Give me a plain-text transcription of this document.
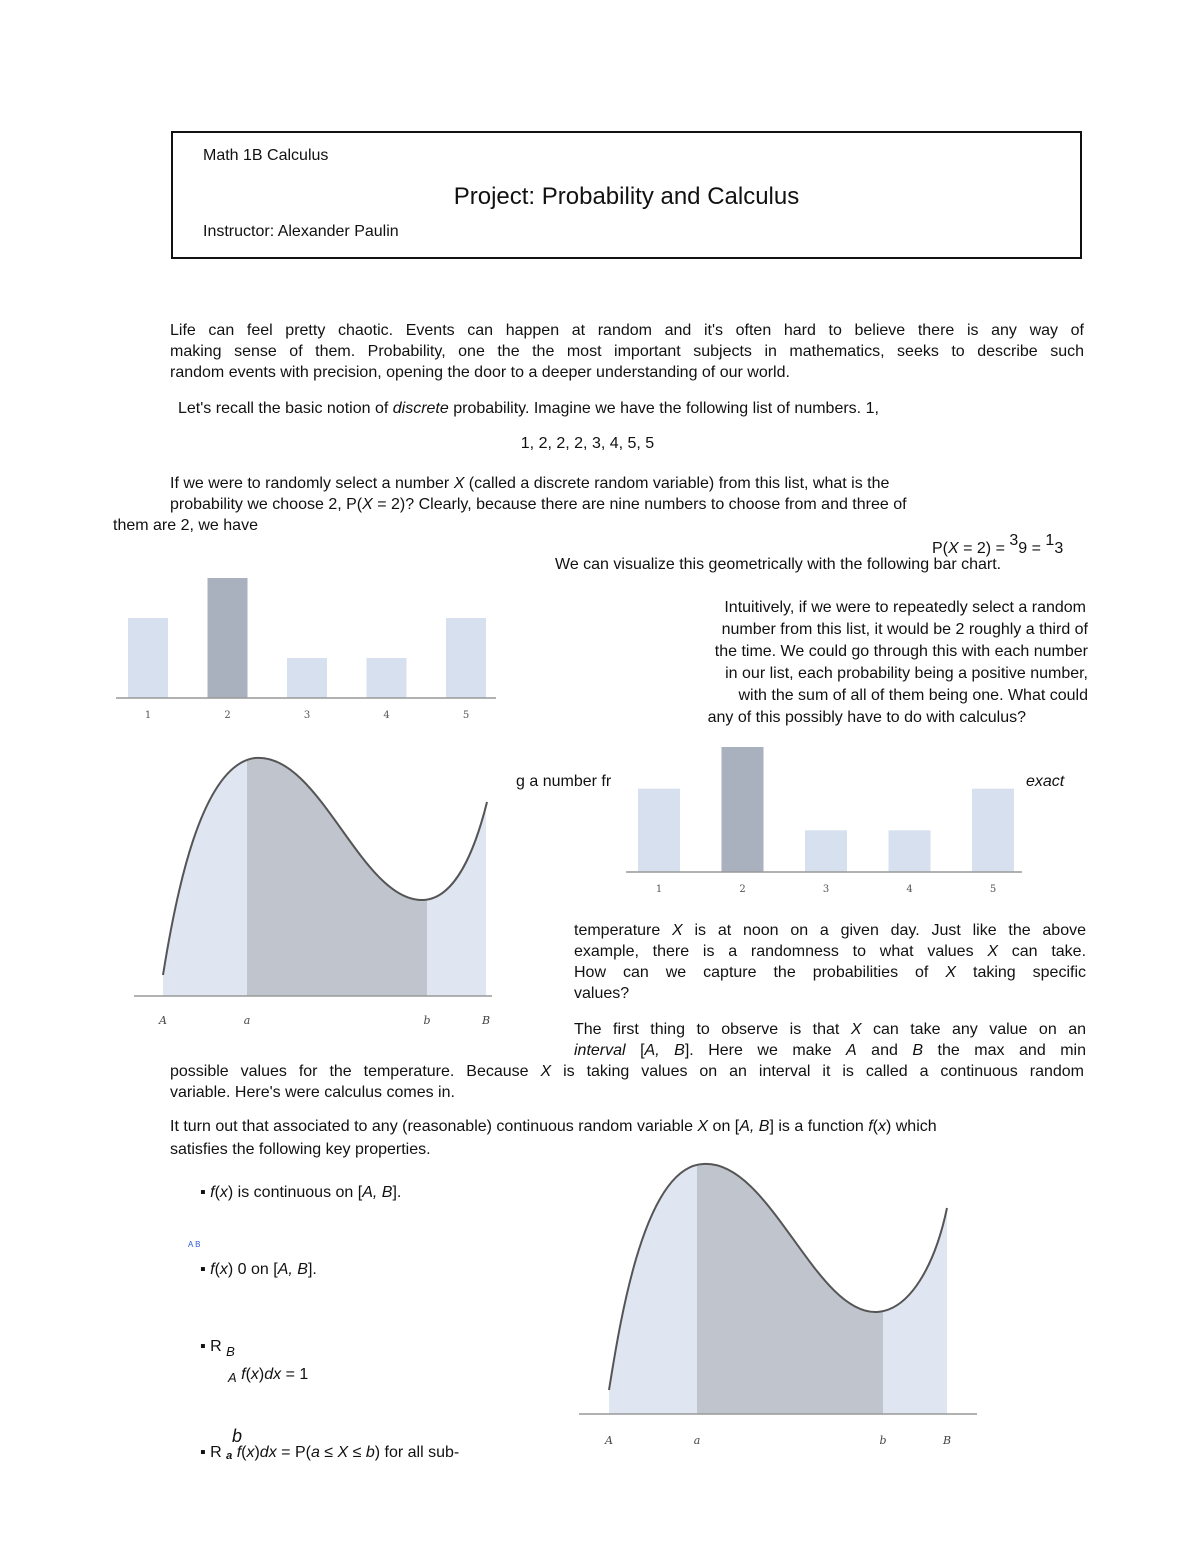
Math 1B Calculus
Project: Probability and Calculus
Instructor: Alexander Paulin
Life can feel pretty chaotic. Events can happen at random and it's often hard to believe there is any way of
making sense of them. Probability, one the the most important subjects in mathematics, seeks to describe such
random events with precision, opening the door to a deeper understanding of our world.
Let's recall the basic notion of discrete probability. Imagine we have the following list of numbers. 1,
1, 2, 2, 2, 3, 4, 5, 5
If we were to randomly select a number X (called a discrete random variable) from this list, what is the
probability we choose 2, P(X = 2)? Clearly, because there are nine numbers to choose from and three of
them are 2, we have
P(X = 2) = $^3$9 = $^1$3
We can visualize this geometrically with the following bar chart.
Intuitively, if we were to repeatedly select a random
number from this list, it would be 2 roughly a third of
the time. We could go through this with each number
in our list, each probability being a positive number,
with the sum of all of them being one. What could
any of this possibly have to do with calculus?
g a number fr	exact
1	2	3	4	5
1	2	3	4	5
A	a	b	B
A	a	b	B
temperature X is at noon on a given day. Just like the above
example, there is a randomness to what values X can take.
How can we capture the probabilities of X taking specific
values?
The first thing to observe is that X can take any value on an
interval [A, B]. Here we make A and B the max and min
possible values for the temperature. Because X is taking values on an interval it is called a continuous random
variable. Here's were calculus comes in.
It turn out that associated to any (reasonable) continuous random variable X on [A, B] is a function f(x) which
satisfies the following key properties.
▪ f(x) is continuous on [A, B].
A B
▪ f(x) 0 on [A, B].
▪ R $_B$
A f(x)dx = 1
b
▪ R a f(x)dx = P(a ≤ X ≤ b) for all sub-
